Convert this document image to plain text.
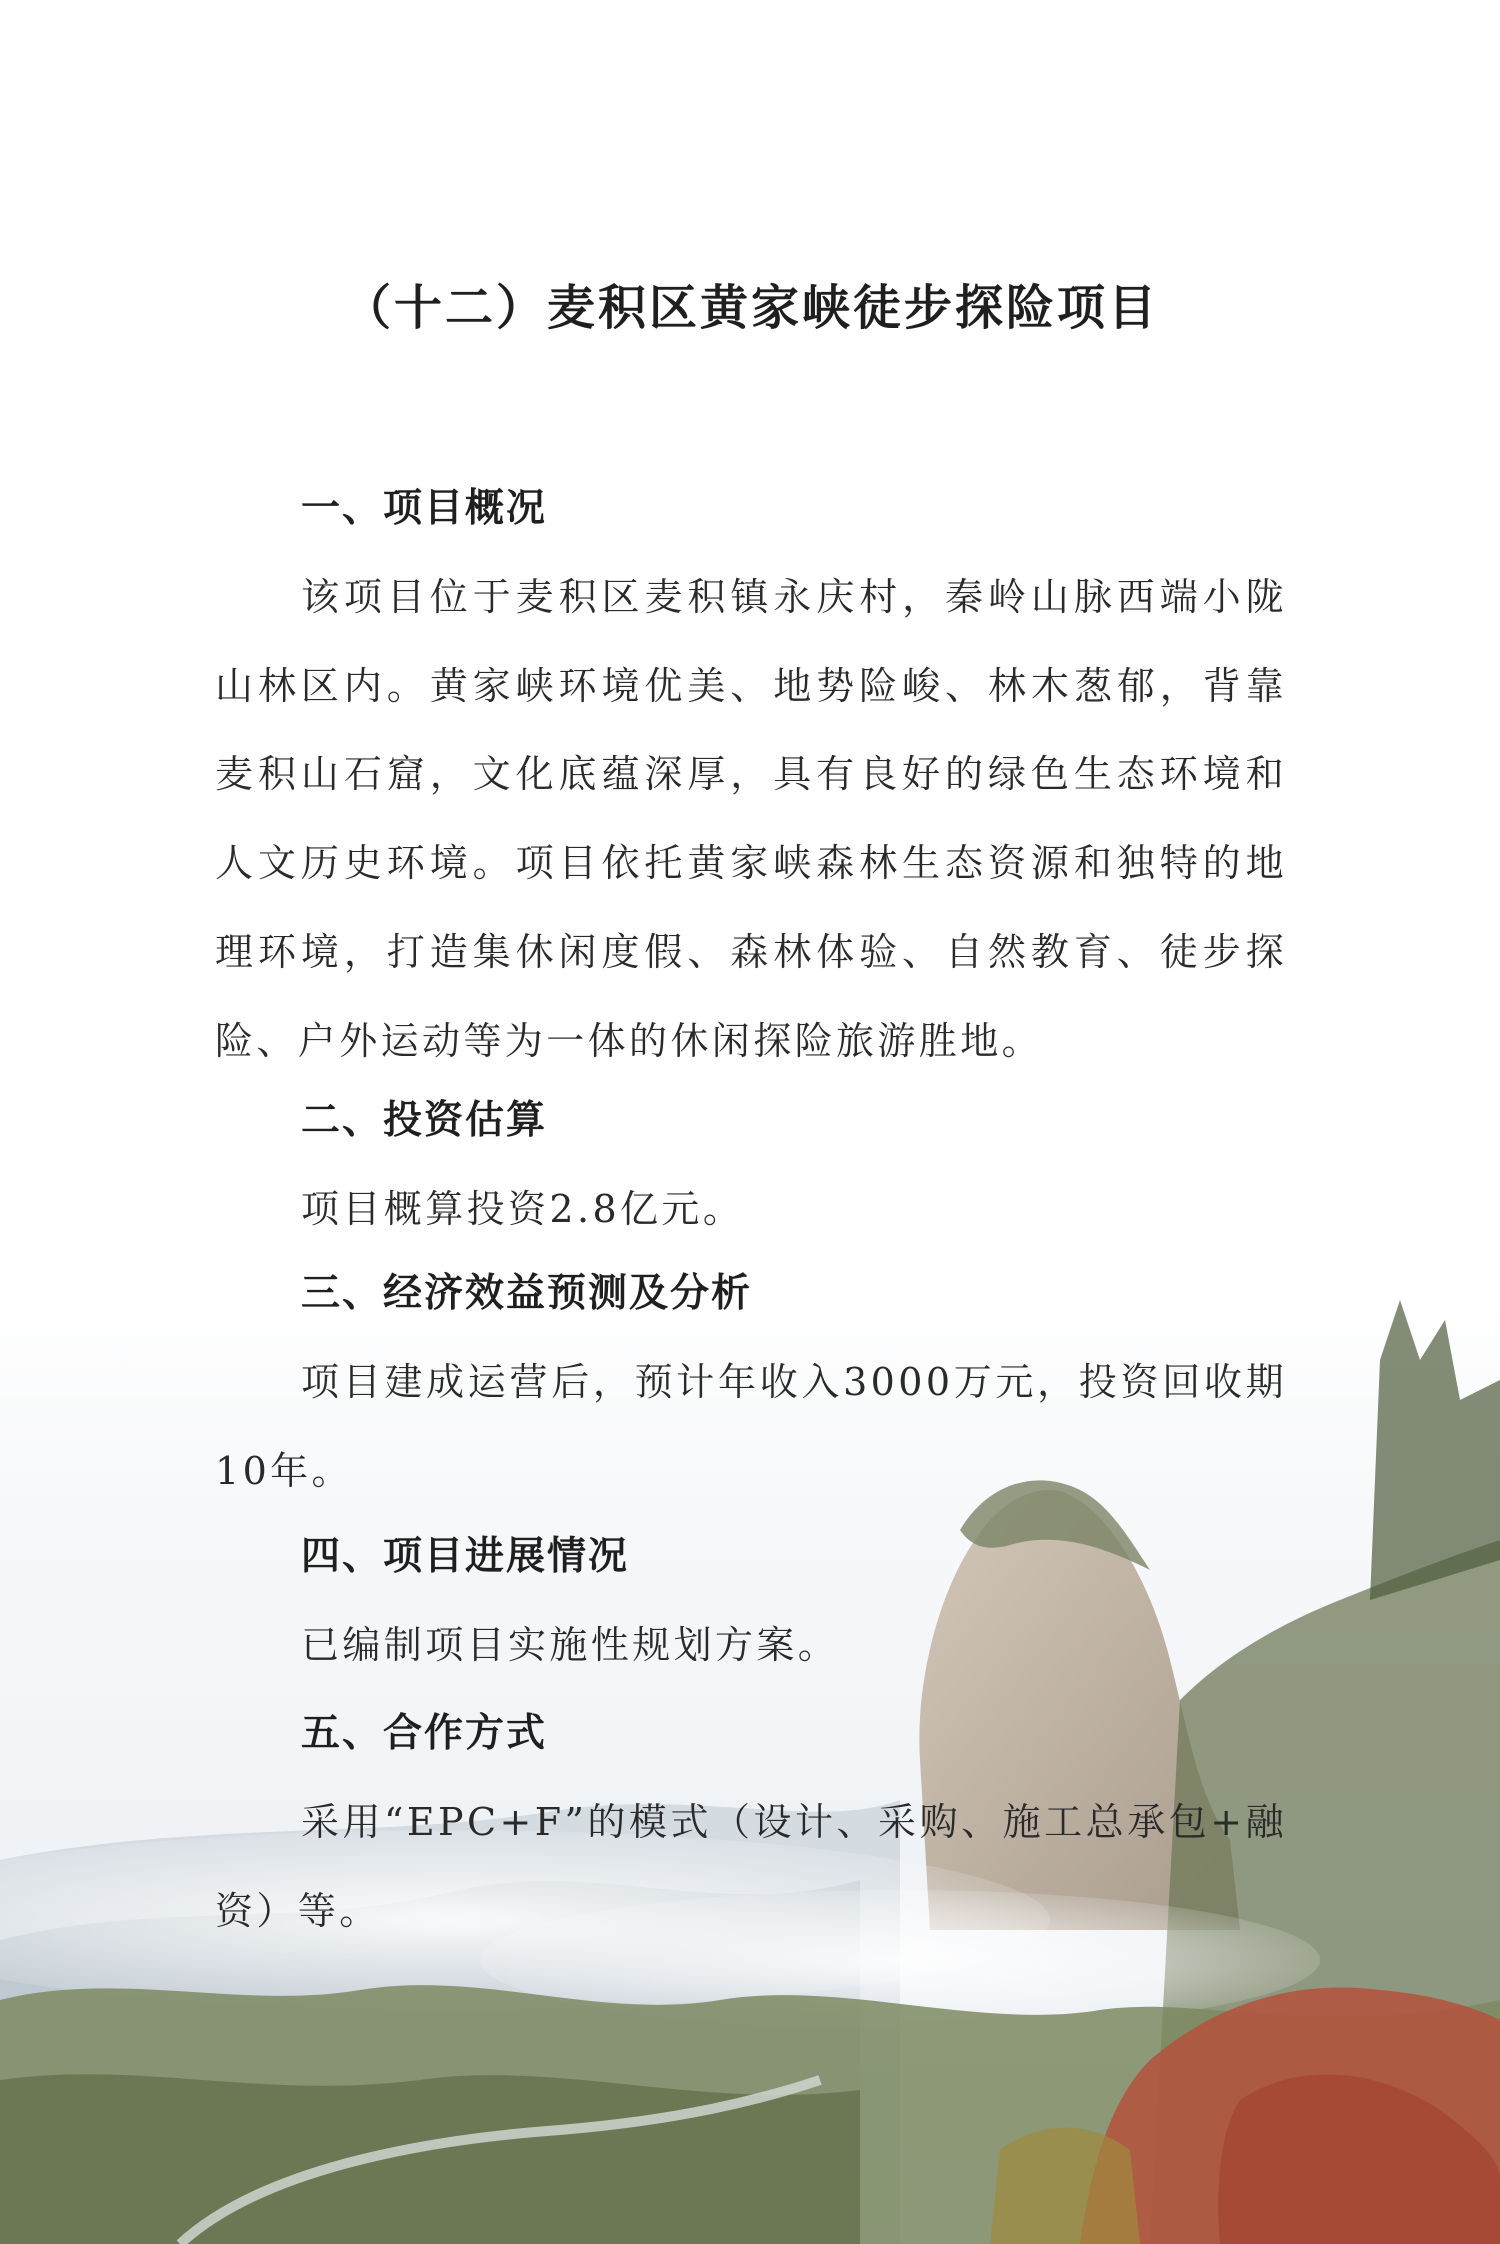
（十二）麦积区黄家峡徒步探险项目

一、项目概况

该项目位于麦积区麦积镇永庆村，秦岭山脉西端小陇山林区内。黄家峡环境优美、地势险峻、林木葱郁，背靠麦积山石窟，文化底蕴深厚，具有良好的绿色生态环境和人文历史环境。项目依托黄家峡森林生态资源和独特的地理环境，打造集休闲度假、森林体验、自然教育、徒步探险、户外运动等为一体的休闲探险旅游胜地。

二、投资估算

项目概算投资2.8亿元。

三、经济效益预测及分析

项目建成运营后，预计年收入3000万元，投资回收期10年。

四、项目进展情况

已编制项目实施性规划方案。

五、合作方式

采用“EPC+F”的模式（设计、采购、施工总承包+融资）等。
